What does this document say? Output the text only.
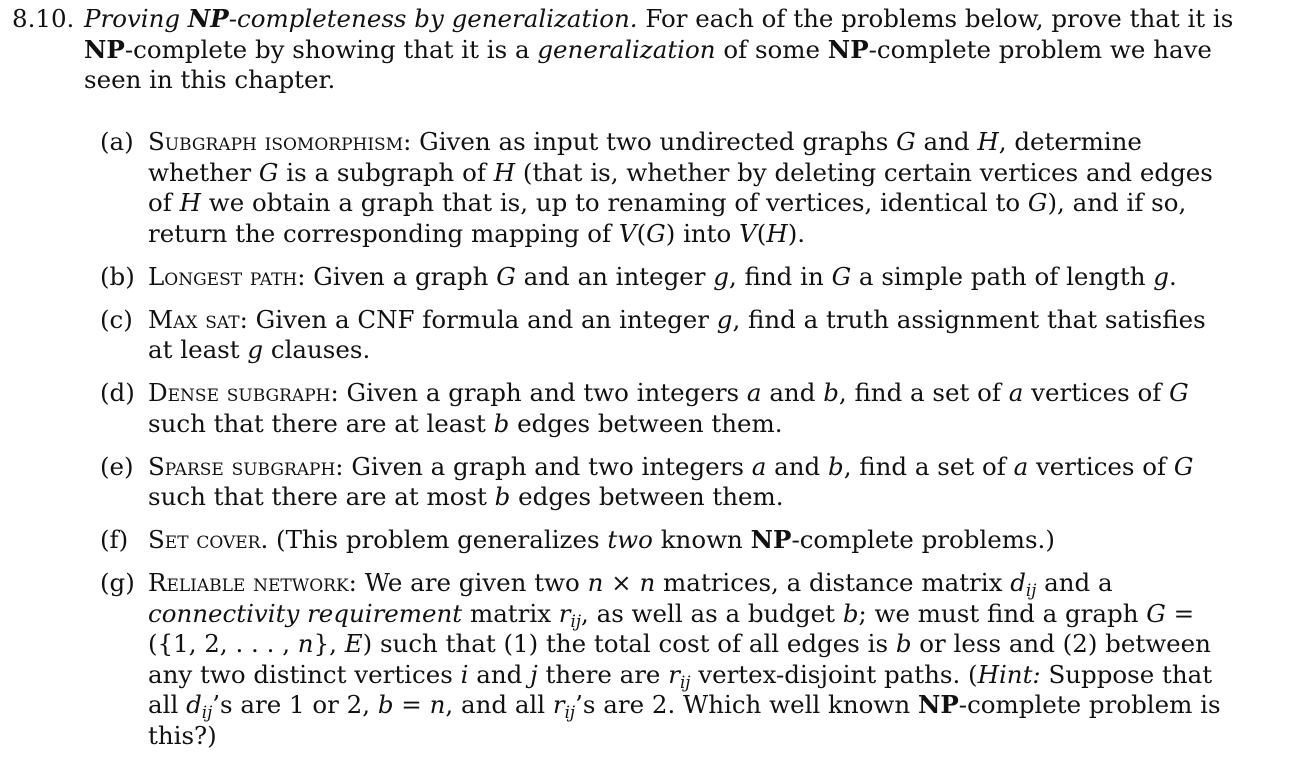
8.10. Proving NP-completeness by generalization. For each of the problems below, prove that it is NP-complete by showing that it is a generalization of some NP-complete problem we have seen in this chapter.
(a) Subgraph isomorphism: Given as input two undirected graphs G and H, determine whether G is a subgraph of H (that is, whether by deleting certain vertices and edges of H we obtain a graph that is, up to renaming of vertices, identical to G), and if so, return the corresponding mapping of V(G) into V(H).
(b) Longest path: Given a graph G and an integer g, find in G a simple path of length g.
(c) Max sat: Given a CNF formula and an integer g, find a truth assignment that satisfies at least g clauses.
(d) Dense subgraph: Given a graph and two integers a and b, find a set of a vertices of G such that there are at least b edges between them.
(e) Sparse subgraph: Given a graph and two integers a and b, find a set of a vertices of G such that there are at most b edges between them.
(f) Set cover. (This problem generalizes two known NP-complete problems.)
(g) Reliable network: We are given two n × n matrices, a distance matrix $d_{ij}$ and a connectivity requirement matrix $r_{ij}$, as well as a budget b; we must find a graph G = ({1, 2, . . . , n}, E) such that (1) the total cost of all edges is b or less and (2) between any two distinct vertices i and j there are $r_{ij}$ vertex-disjoint paths. (Hint: Suppose that all $d_{ij}’s$ are 1 or 2, b = n, and all $r_{ij}’s$ are 2. Which well known NP-complete problem is this?)
